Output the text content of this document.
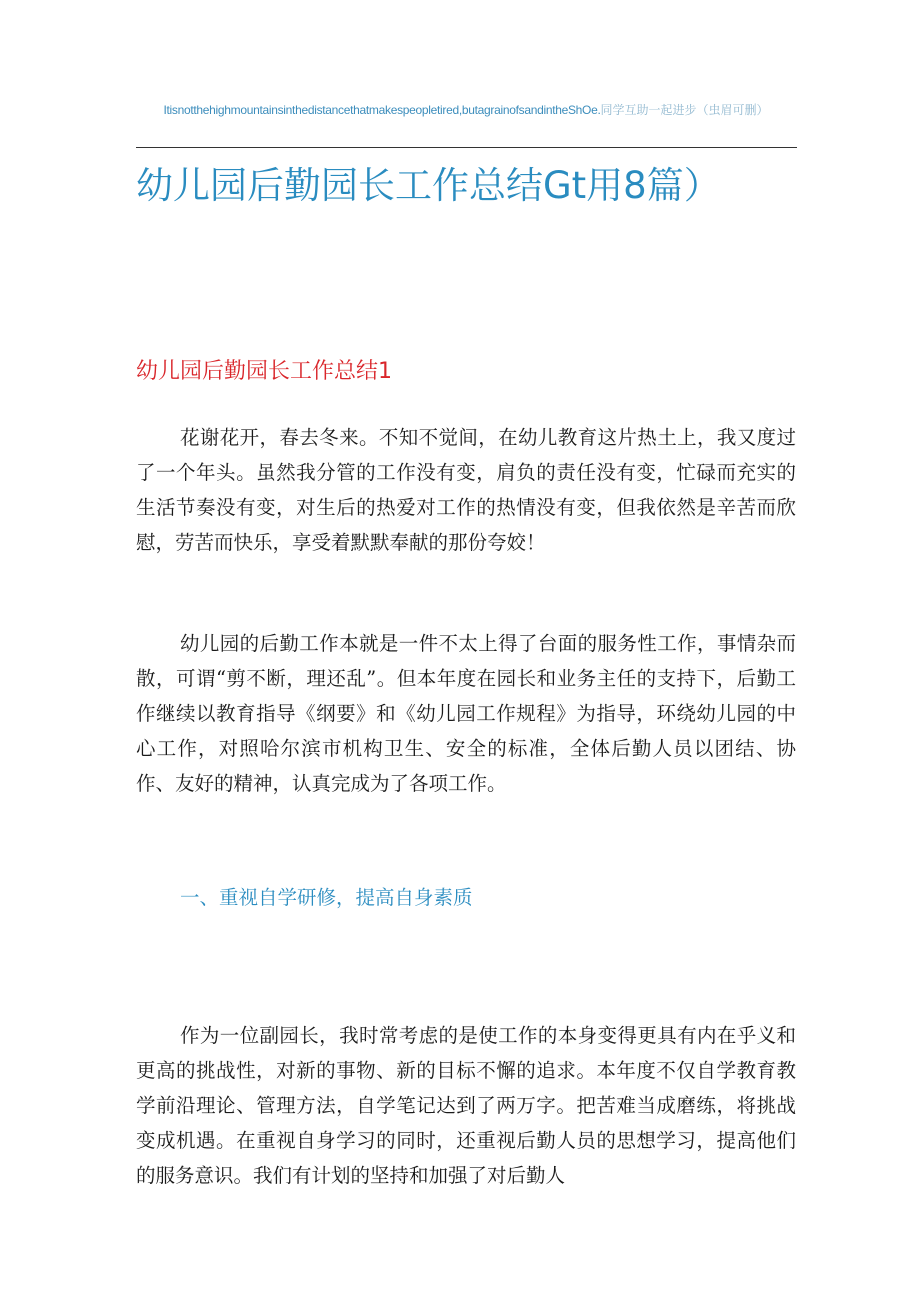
Itisnotthehighmountainsinthedistancethatmakespeopletired,butagrainofsandintheShOe.同学互助一起进步（虫眉可删）
幼儿园后勤园长工作总结Gt用8篇）
幼儿园后勤园长工作总结1

花谢花开，春去冬来。不知不觉间，在幼儿教育这片热土上，我又度过了一个年头。虽然我分管的工作没有变，肩负的责任没有变，忙碌而充实的生活节奏没有变，对生后的热爱对工作的热情没有变，但我依然是辛苦而欣慰，劳苦而快乐，享受着默默奉献的那份夸姣！

幼儿园的后勤工作本就是一件不太上得了台面的服务性工作，事情杂而散，可谓“剪不断，理还乱”。但本年度在园长和业务主任的支持下，后勤工作继续以教育指导《纲要》和《幼儿园工作规程》为指导，环绕幼儿园的中心工作，对照哈尔滨市机构卫生、安全的标准，全体后勤人员以团结、协作、友好的精神，认真完成为了各项工作。

一、重视自学研修，提高自身素质

作为一位副园长，我时常考虑的是使工作的本身变得更具有内在乎义和更高的挑战性，对新的事物、新的目标不懈的追求。本年度不仅自学教育教学前沿理论、管理方法，自学笔记达到了两万字。把苦难当成磨练，将挑战变成机遇。在重视自身学习的同时，还重视后勤人员的思想学习，提高他们的服务意识。我们有计划的坚持和加强了对后勤人
